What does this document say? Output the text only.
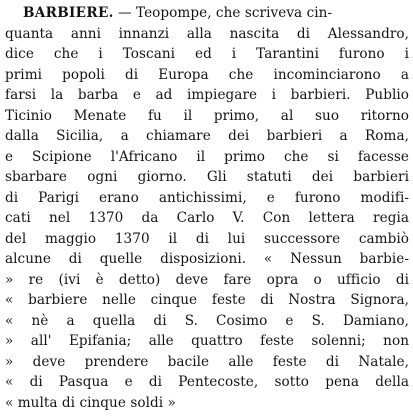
BARBIERE. — Teopompe, che scriveva cin-
quanta anni innanzi alla nascita di Alessandro,
dice che i Toscani ed i Tarantini furono i
primi popoli di Europa che incominciarono a
farsi la barba e ad impiegare i barbieri. Publio
Ticinio Menate fu il primo, al suo ritorno
dalla Sicilia, a chiamare dei barbieri a Roma,
e Scipione l'Africano il primo che si facesse
sbarbare ogni giorno. Gli statuti dei barbieri
di Parigi erano antichissimi, e furono modifi-
cati nel 1370 da Carlo V. Con lettera regia
del maggio 1370 il di lui successore cambiò
alcune di quelle disposizioni. « Nessun barbie-
» re (ivi è detto) deve fare opra o ufficio di
« barbiere nelle cinque feste di Nostra Signora,
« nè a quella di S. Cosimo e S. Damiano,
» all' Epifania; alle quattro feste solenni; non
» deve prendere bacile alle feste di Natale,
« di Pasqua e di Pentecoste, sotto pena della
« multa di cinque soldi »
